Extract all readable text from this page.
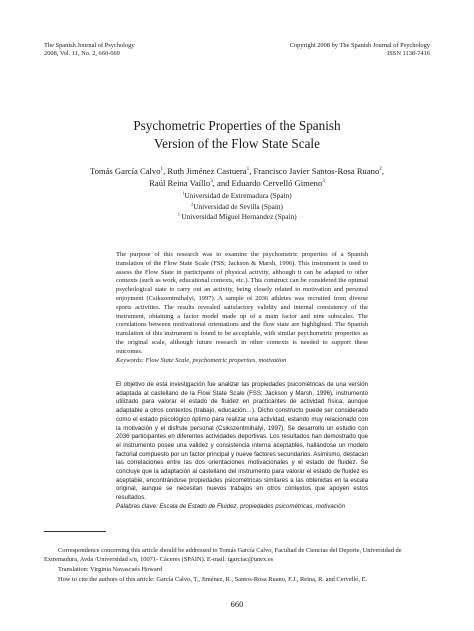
The Spanish Journal of Psychology
2008, Vol. 11, No. 2, 660-669
Copyright 2008 by The Spanish Journal of Psychology
ISSN 1138-7416
Psychometric Properties of the Spanish
Version of the Flow State Scale
Tomás García Calvo$^1$, Ruth Jiménez Castuera$^1$, Francisco Javier Santos-Rosa Ruano$^2$,
Raúl Reina Vaíllo$^3$, and Eduardo Cervelló Gimeno$^3$
$^1$Universidad de Extremadura (Spain)
$^2$Universidad de Sevilla (Spain)
$^3$ Universidad Miguel Hernandez (Spain)

The purpose of this research was to examine the psychometric properties of a Spanish translation of the Flow State Scale (FSS; Jackson & Marsh, 1996). This instrument is used to assess the Flow State in participants of physical activity, although it can be adapted to other contexts (such as work, educational contexts, etc.). This construct can be considered the optimal psychological state to carry out an activity, being closely related to motivation and personal enjoyment (Csikszentmihalyi, 1997). A sample of 2036 athletes was recruited from diverse sports activities. The results revealed satisfactory validity and internal consistency of the instrument, obtaining a factor model made up of a main factor and nine subscales. The correlations between motivational orientations and the flow state are highlighted. The Spanish translation of this instrument is found to be acceptable, with similar psychometric properties as the original scale, although future research in other contexts is needed to support these outcomes.

Keywords: Flow State Scale, psychometric properties, motivation

El objetivo de esta investigación fue analizar las propiedades psicométricas de una versión adaptada al castellano de la Flow State Scale (FSS; Jackson y Marsh, 1996), instrumento utilizado para valorar el estado de fluidez en practicantes de actividad física, aunque adaptable a otros contextos (trabajo, educación…). Dicho constructo puede ser considerado como el estado psicológico óptimo para realizar una actividad, estando muy relacionado con la motivación y el disfrute personal (Csikszentmihalyi, 1997). Se desarrolló un estudio con 2036 participantes en diferentes actividades deportivas. Los resultados han demostrado que el instrumento posee una validez y consistencia interna aceptables, hallándose un modelo factorial compuesto por un factor principal y nueve factores secundarios. Asimismo, destacan las correlaciones entre las dos orientaciones motivacionales y el estado de fluidez. Se concluye que la adaptación al castellano del instrumento para valorar el estado de fluidez es aceptable, encontrándose propiedades psicométricas similares a las obtenidas en la escala original, aunque se necesitan nuevos trabajos en otros contextos que apoyen estos resultados.

Palabras clave: Escala de Estado de Fluidez, propiedades psicométricas, motivación

Correspondence concerning this article should be addressed to Tomás García Calvo, Facultad de Ciencias del Deporte, Universidad de Extremadura, Avda /Universidad s/n, 10071- Cáceres (SPAIN). E-mail: tgarciac@unex.es

Translation: Virginia Navascués Howard

How to cite the authors of this article: García Calvo, T., Jiménez, R., Santos-Rosa Ruano, F.J., Reina, R. and Cervelló, E.

660
